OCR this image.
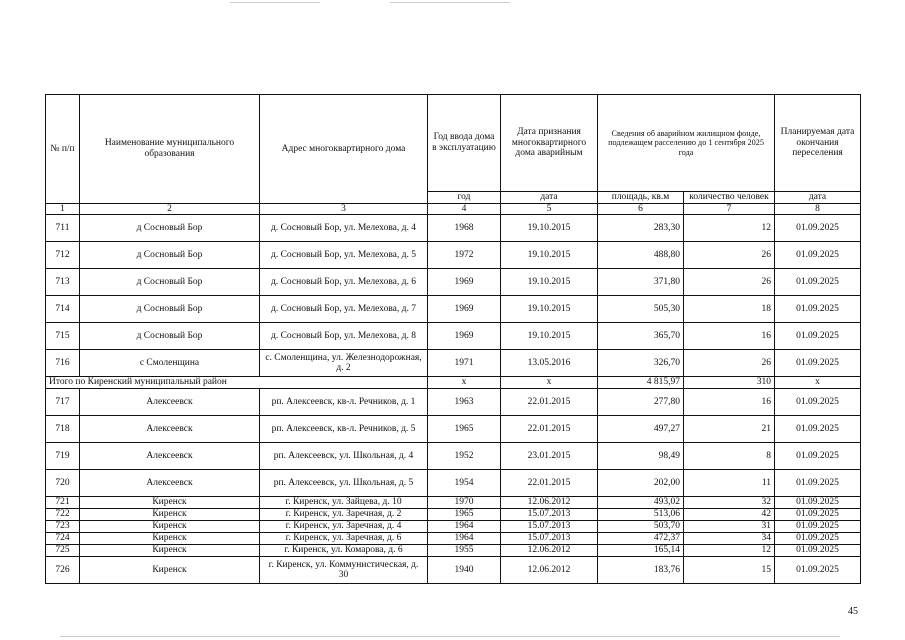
№ п/п	Наименование муниципального образования	Адрес многоквартирного дома	Год ввода дома в эксплуатацию	Дата признания многоквартирного дома аварийным	Сведения об аварийном жилищном фонде, подлежащем расселению до 1 сентября 2025 года		Планируемая дата окончания переселения
			год	дата	площадь, кв.м	количество человек	дата
1	2	3	4	5	6	7	8
711	д Сосновый Бор	д. Сосновый Бор, ул. Мелехова, д. 4	1968	19.10.2015	283,30	12	01.09.2025
712	д Сосновый Бор	д. Сосновый Бор, ул. Мелехова, д. 5	1972	19.10.2015	488,80	26	01.09.2025
713	д Сосновый Бор	д. Сосновый Бор, ул. Мелехова, д. 6	1969	19.10.2015	371,80	26	01.09.2025
714	д Сосновый Бор	д. Сосновый Бор, ул. Мелехова, д. 7	1969	19.10.2015	505,30	18	01.09.2025
715	д Сосновый Бор	д. Сосновый Бор, ул. Мелехова, д. 8	1969	19.10.2015	365,70	16	01.09.2025
716	с Смоленщина	с. Смоленщина, ул. Железнодорожная, д. 2	1971	13.05.2016	326,70	26	01.09.2025
Итого по Киренский муниципальный район			x	x	4 815,97	310	x
717	Алексеевск	рп. Алексеевск, кв-л. Речников, д. 1	1963	22.01.2015	277,80	16	01.09.2025
718	Алексеевск	рп. Алексеевск, кв-л. Речников, д. 5	1965	22.01.2015	497,27	21	01.09.2025
719	Алексеевск	рп. Алексеевск, ул. Школьная, д. 4	1952	23.01.2015	98,49	8	01.09.2025
720	Алексеевск	рп. Алексеевск, ул. Школьная, д. 5	1954	22.01.2015	202,00	11	01.09.2025
721	Киренск	г. Киренск, ул. Зайцева, д. 10	1970	12.06.2012	493,02	32	01.09.2025
722	Киренск	г. Киренск, ул. Заречная, д. 2	1965	15.07.2013	513,06	42	01.09.2025
723	Киренск	г. Киренск, ул. Заречная, д. 4	1964	15.07.2013	503,70	31	01.09.2025
724	Киренск	г. Киренск, ул. Заречная, д. 6	1964	15.07.2013	472,37	34	01.09.2025
725	Киренск	г. Киренск, ул. Комарова, д. 6	1955	12.06.2012	165,14	12	01.09.2025
726	Киренск	г. Киренск, ул. Коммунистическая, д. 30	1940	12.06.2012	183,76	15	01.09.2025
45
